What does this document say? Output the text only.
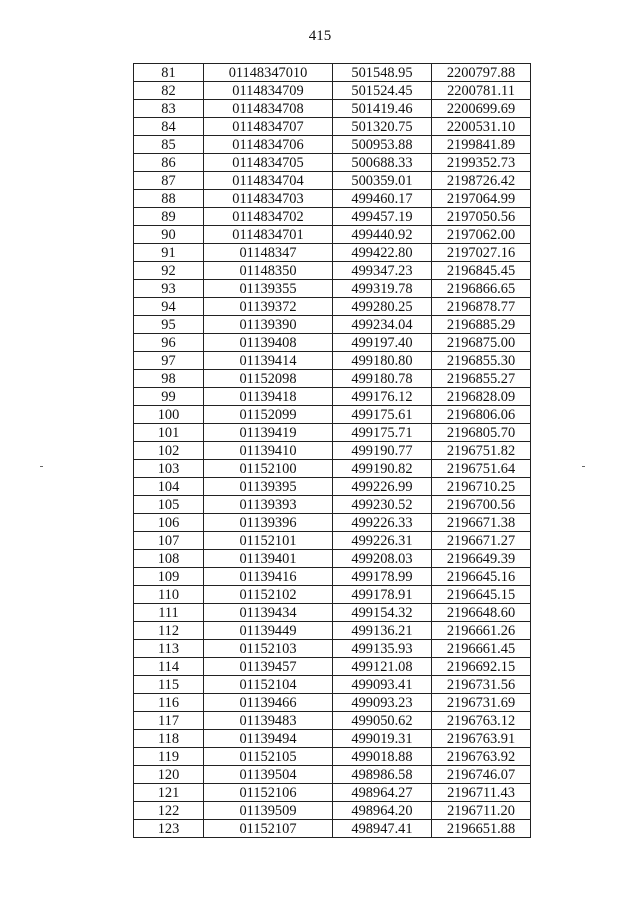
415
81	01148347010	501548.95	2200797.88
82	0114834709	501524.45	2200781.11
83	0114834708	501419.46	2200699.69
84	0114834707	501320.75	2200531.10
85	0114834706	500953.88	2199841.89
86	0114834705	500688.33	2199352.73
87	0114834704	500359.01	2198726.42
88	0114834703	499460.17	2197064.99
89	0114834702	499457.19	2197050.56
90	0114834701	499440.92	2197062.00
91	01148347	499422.80	2197027.16
92	01148350	499347.23	2196845.45
93	01139355	499319.78	2196866.65
94	01139372	499280.25	2196878.77
95	01139390	499234.04	2196885.29
96	01139408	499197.40	2196875.00
97	01139414	499180.80	2196855.30
98	01152098	499180.78	2196855.27
99	01139418	499176.12	2196828.09
100	01152099	499175.61	2196806.06
101	01139419	499175.71	2196805.70
102	01139410	499190.77	2196751.82
103	01152100	499190.82	2196751.64
104	01139395	499226.99	2196710.25
105	01139393	499230.52	2196700.56
106	01139396	499226.33	2196671.38
107	01152101	499226.31	2196671.27
108	01139401	499208.03	2196649.39
109	01139416	499178.99	2196645.16
110	01152102	499178.91	2196645.15
111	01139434	499154.32	2196648.60
112	01139449	499136.21	2196661.26
113	01152103	499135.93	2196661.45
114	01139457	499121.08	2196692.15
115	01152104	499093.41	2196731.56
116	01139466	499093.23	2196731.69
117	01139483	499050.62	2196763.12
118	01139494	499019.31	2196763.91
119	01152105	499018.88	2196763.92
120	01139504	498986.58	2196746.07
121	01152106	498964.27	2196711.43
122	01139509	498964.20	2196711.20
123	01152107	498947.41	2196651.88
